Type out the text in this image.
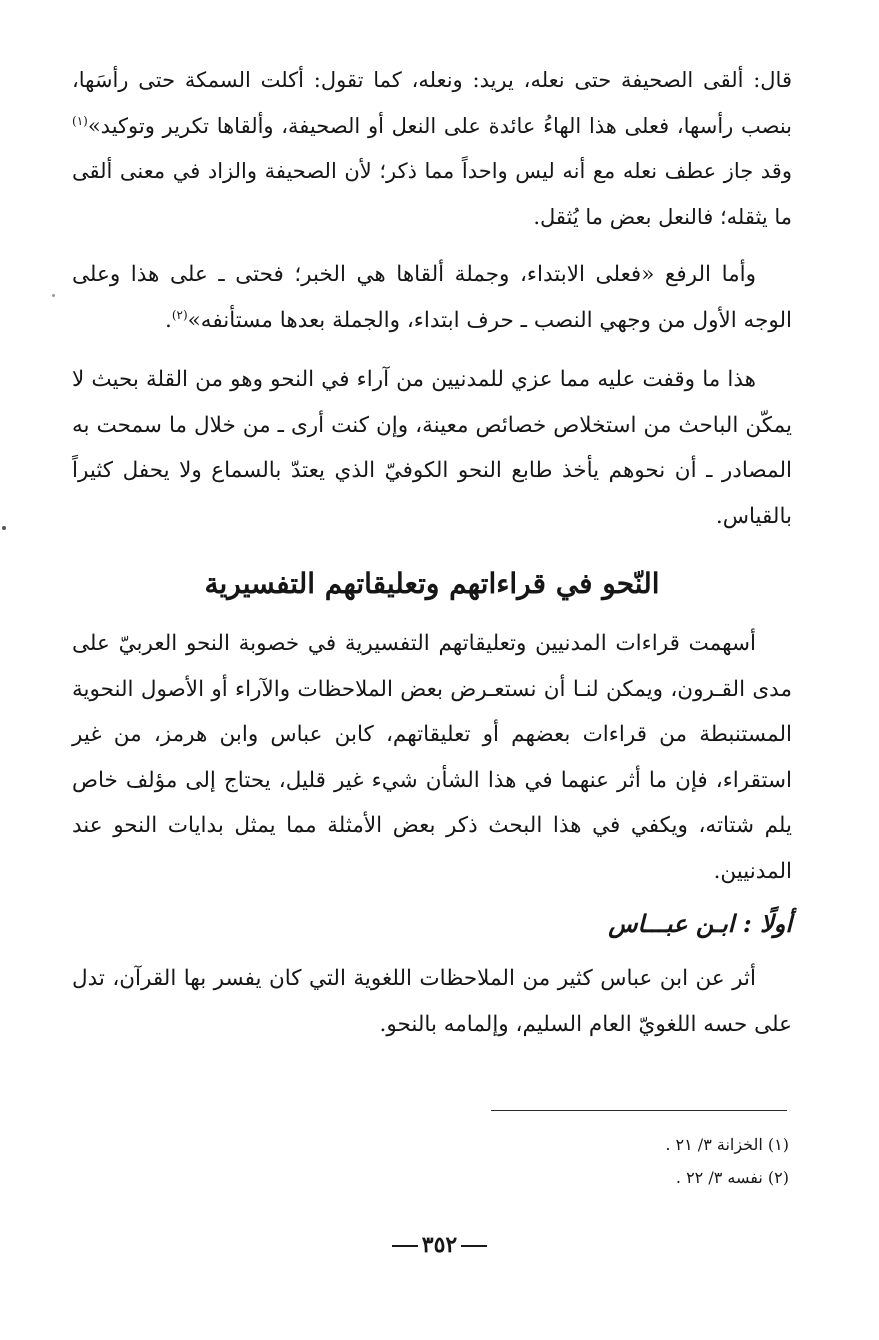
قال: ألقى الصحيفة حتى نعله، يريد: ونعله، كما تقول: أكلت السمكة حتى رأسَها، بنصب رأسها، فعلى هذا الهاءُ عائدة على النعل أو الصحيفة، وألقاها تكرير وتوكيد»$^{(١)}$ وقد جاز عطف نعله مع أنه ليس واحداً مما ذكر؛ لأن الصحيفة والزاد في معنى ألقى ما يثقله؛ فالنعل بعض ما يُثقل.

وأما الرفع «فعلى الابتداء، وجملة ألقاها هي الخبر؛ فحتى ـ على هذا وعلى الوجه الأول من وجهي النصب ـ حرف ابتداء، والجملة بعدها مستأنفه»$^{(٢)}$.

هذا ما وقفت عليه مما عزي للمدنيين من آراء في النحو وهو من القلة بحيث لا يمكّن الباحث من استخلاص خصائص معينة، وإن كنت أرى ـ من خلال ما سمحت به المصادر ـ أن نحوهم يأخذ طابع النحو الكوفيّ الذي يعتدّ بالسماع ولا يحفل كثيراً بالقياس.

النّحو في قراءاتهم وتعليقاتهم التفسيرية

أسهمت قراءات المدنيين وتعليقاتهم التفسيرية في خصوبة النحو العربيّ على مدى القـرون، ويمكن لنـا أن نستعـرض بعض الملاحظات والآراء أو الأصول النحوية المستنبطة من قراءات بعضهم أو تعليقاتهم، كابن عباس وابن هرمز، من غير استقراء، فإن ما أثر عنهما في هذا الشأن شيء غير قليل، يحتاج إلى مؤلف خاص يلم شتاته، ويكفي في هذا البحث ذكر بعض الأمثلة مما يمثل بدايات النحو عند المدنيين.

أولًا : ابـن عبـــاس

أثر عن ابن عباس كثير من الملاحظات اللغوية التي كان يفسر بها القرآن، تدل على حسه اللغويّ العام السليم، وإلمامه بالنحو.

(١) الخزانة ٣/ ٢١ .

(٢) نفسه ٣/ ٢٢ .

٣٥٢
